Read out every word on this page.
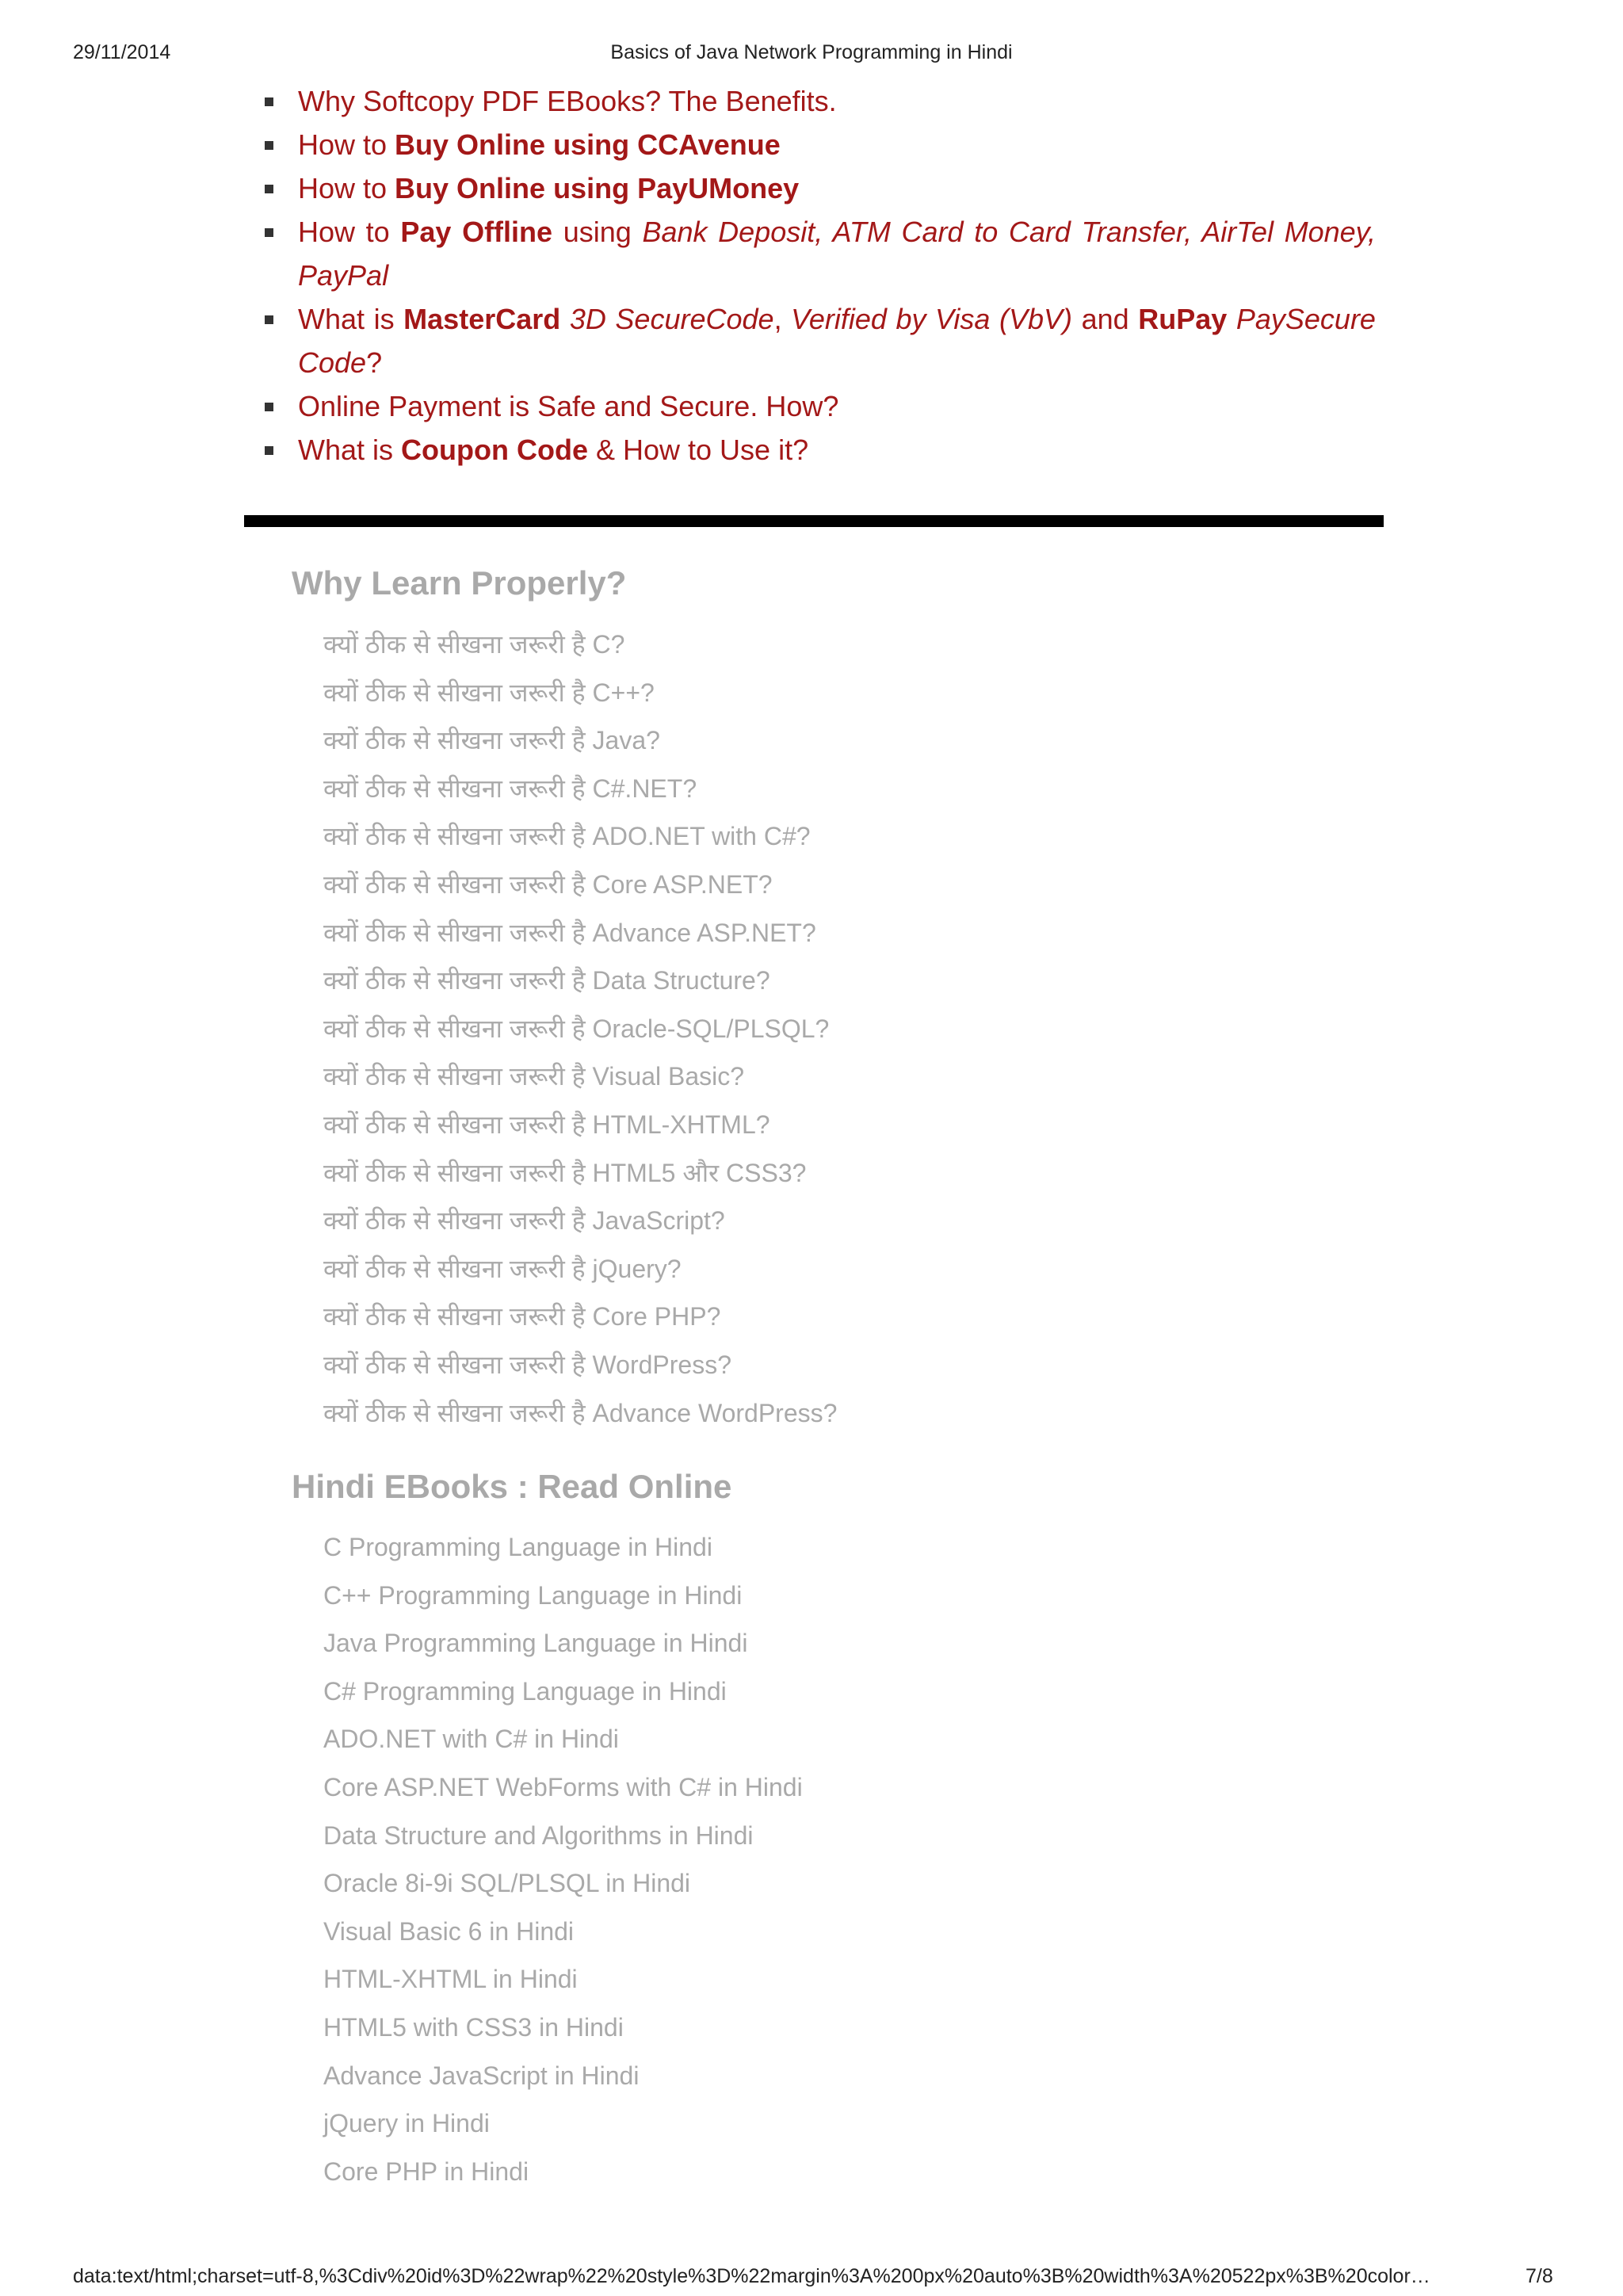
29/11/2014	Basics of Java Network Programming in Hindi
Why Softcopy PDF EBooks? The Benefits.
How to Buy Online using CCAvenue
How to Buy Online using PayUMoney
How to Pay Offline using Bank Deposit, ATM Card to Card Transfer, AirTel Money, PayPal
What is MasterCard 3D SecureCode, Verified by Visa (VbV) and RuPay PaySecure Code?
Online Payment is Safe and Secure. How?
What is Coupon Code & How to Use it?
Why Learn Properly?
क्यों ठीक से सीखना जरूरी है C?
क्यों ठीक से सीखना जरूरी है C++?
क्यों ठीक से सीखना जरूरी है Java?
क्यों ठीक से सीखना जरूरी है C#.NET?
क्यों ठीक से सीखना जरूरी है ADO.NET with C#?
क्यों ठीक से सीखना जरूरी है Core ASP.NET?
क्यों ठीक से सीखना जरूरी है Advance ASP.NET?
क्यों ठीक से सीखना जरूरी है Data Structure?
क्यों ठीक से सीखना जरूरी है Oracle-SQL/PLSQL?
क्यों ठीक से सीखना जरूरी है Visual Basic?
क्यों ठीक से सीखना जरूरी है HTML-XHTML?
क्यों ठीक से सीखना जरूरी है HTML5 और CSS3?
क्यों ठीक से सीखना जरूरी है JavaScript?
क्यों ठीक से सीखना जरूरी है jQuery?
क्यों ठीक से सीखना जरूरी है Core PHP?
क्यों ठीक से सीखना जरूरी है WordPress?
क्यों ठीक से सीखना जरूरी है Advance WordPress?
Hindi EBooks : Read Online
C Programming Language in Hindi
C++ Programming Language in Hindi
Java Programming Language in Hindi
C# Programming Language in Hindi
ADO.NET with C# in Hindi
Core ASP.NET WebForms with C# in Hindi
Data Structure and Algorithms in Hindi
Oracle 8i-9i SQL/PLSQL in Hindi
Visual Basic 6 in Hindi
HTML-XHTML in Hindi
HTML5 with CSS3 in Hindi
Advance JavaScript in Hindi
jQuery in Hindi
Core PHP in Hindi
data:text/html;charset=utf-8,%3Cdiv%20id%3D%22wrap%22%20style%3D%22margin%3A%200px%20auto%3B%20width%3A%20522px%3B%20color…	7/8
